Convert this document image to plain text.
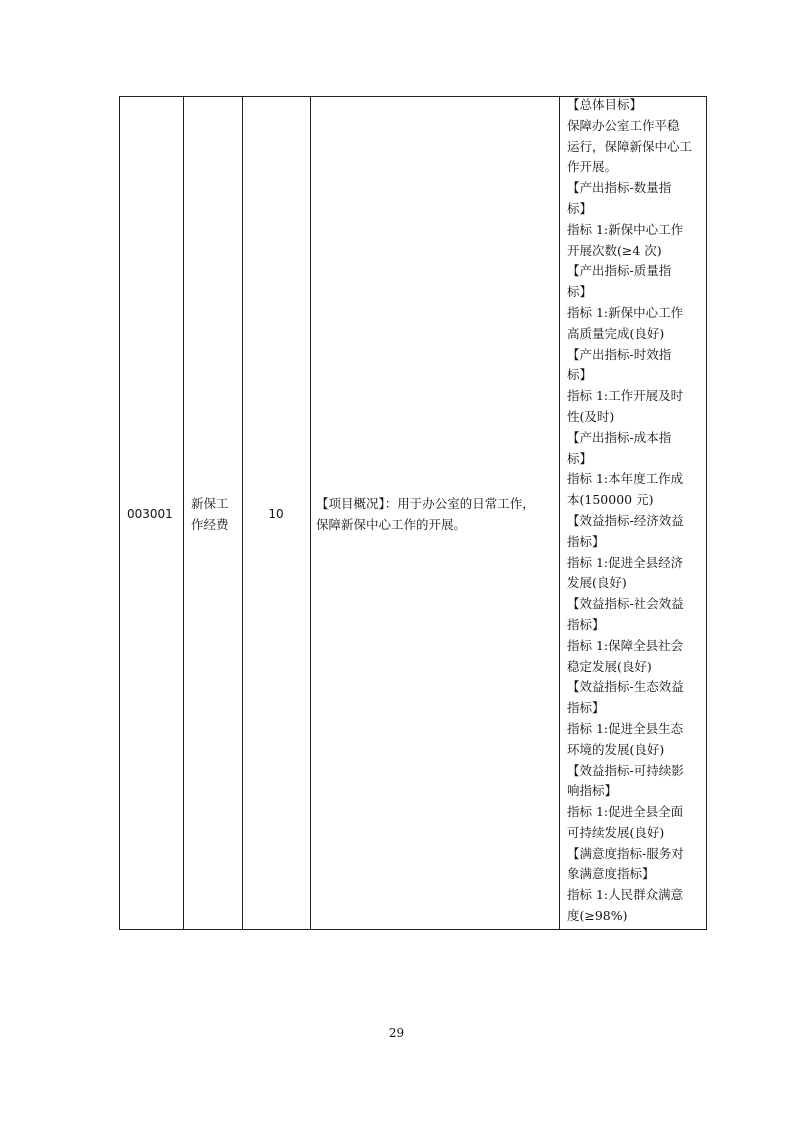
003001
新保工
作经费
10
【项目概况】：用于办公室的日常工作，
保障新保中心工作的开展。
【总体目标】
保障办公室工作平稳
运行，保障新保中心工
作开展。
【产出指标-数量指
标】
指标 1:新保中心工作
开展次数(≥4 次)
【产出指标-质量指
标】
指标 1:新保中心工作
高质量完成(良好)
【产出指标-时效指
标】
指标 1:工作开展及时
性(及时)
【产出指标-成本指
标】
指标 1:本年度工作成
本(150000 元)
【效益指标-经济效益
指标】
指标 1:促进全县经济
发展(良好)
【效益指标-社会效益
指标】
指标 1:保障全县社会
稳定发展(良好)
【效益指标-生态效益
指标】
指标 1:促进全县生态
环境的发展(良好)
【效益指标-可持续影
响指标】
指标 1:促进全县全面
可持续发展(良好)
【满意度指标-服务对
象满意度指标】
指标 1:人民群众满意
度(≥98%)
29
